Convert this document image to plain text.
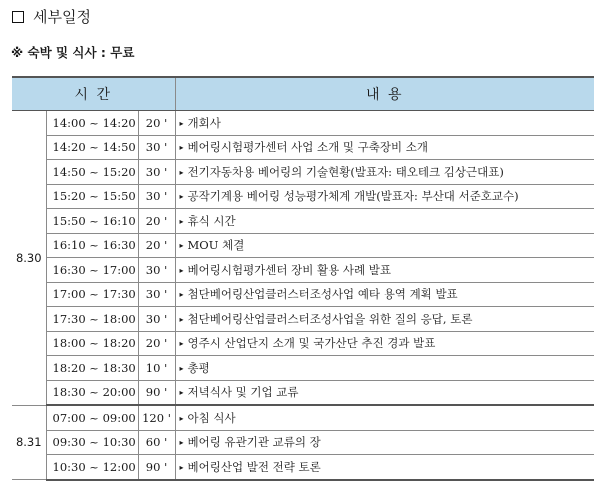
세부일정
※ 숙박 및 식사 : 무료
시 간			내 용
8.30	14:00 ~ 14:20	20 '	▸ 개회사
	14:20 ~ 14:50	30 '	▸ 베어링시험평가센터 사업 소개 및 구축장비 소개
	14:50 ~ 15:20	30 '	▸ 전기자동차용 베어링의 기술현황(발표자: 태오테크 김상근대표)
	15:20 ~ 15:50	30 '	▸ 공작기계용 베어링 성능평가체계 개발(발표자: 부산대 서준호교수)
	15:50 ~ 16:10	20 '	▸ 휴식 시간
	16:10 ~ 16:30	20 '	▸ MOU 체결
	16:30 ~ 17:00	30 '	▸ 베어링시험평가센터 장비 활용 사례 발표
	17:00 ~ 17:30	30 '	▸ 첨단베어링산업클러스터조성사업 예타 용역 계획 발표
	17:30 ~ 18:00	30 '	▸ 첨단베어링산업클러스터조성사업을 위한 질의 응답, 토론
	18:00 ~ 18:20	20 '	▸ 영주시 산업단지 소개 및 국가산단 추진 경과 발표
	18:20 ~ 18:30	10 '	▸ 총평
	18:30 ~ 20:00	90 '	▸ 저녁식사 및 기업 교류
8.31	07:00 ~ 09:00	120 '	▸ 아침 식사
	09:30 ~ 10:30	60 '	▸ 베어링 유관기관 교류의 장
	10:30 ~ 12:00	90 '	▸ 베어링산업 발전 전략 토론
